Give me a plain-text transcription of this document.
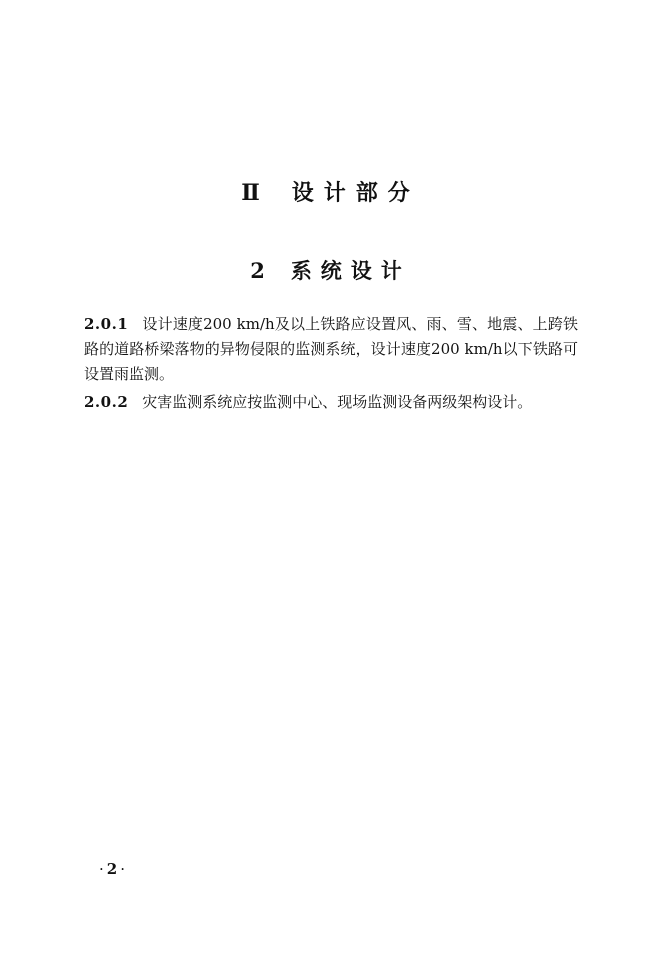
Ⅱ 设计部分
2 系统设计
2.0.1 设计速度200 km/h及以上铁路应设置风、雨、雪、地震、上跨铁路的道路桥梁落物的异物侵限的监测系统，设计速度200 km/h以下铁路可设置雨监测。
2.0.2 灾害监测系统应按监测中心、现场监测设备两级架构设计。
· 2 ·
